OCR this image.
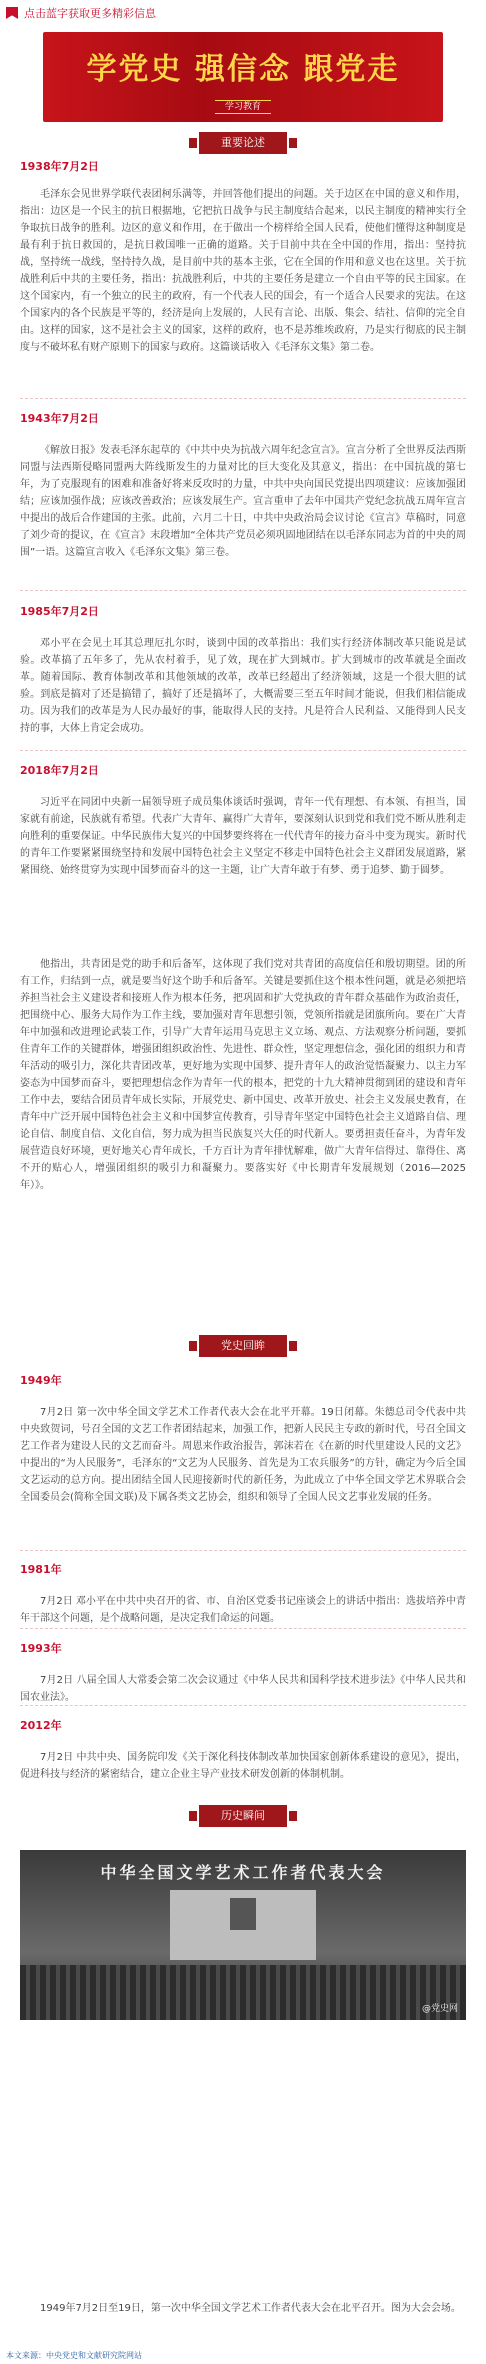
点击蓝字获取更多精彩信息
学党史 强信念 跟党走
学习教育
重要论述
1938年7月2日
毛泽东会见世界学联代表团柯乐满等，并回答他们提出的问题。关于边区在中国的意义和作用，指出：边区是一个民主的抗日根据地，它把抗日战争与民主制度结合起来，以民主制度的精神实行全争取抗日战争的胜利。边区的意义和作用，在于做出一个榜样给全国人民看，使他们懂得这种制度是最有利于抗日救国的，是抗日救国唯一正确的道路。关于目前中共在全中国的作用，指出：坚持抗战，坚持统一战线，坚持持久战，是目前中共的基本主张，它在全国的作用和意义也在这里。关于抗战胜利后中共的主要任务，指出：抗战胜利后，中共的主要任务是建立一个自由平等的民主国家。在这个国家内，有一个独立的民主的政府，有一个代表人民的国会，有一个适合人民要求的宪法。在这个国家内的各个民族是平等的，经济是向上发展的，人民有言论、出版、集会、结社、信仰的完全自由。这样的国家，这不是社会主义的国家，这样的政府，也不是苏维埃政府，乃是实行彻底的民主制度与不破坏私有财产原则下的国家与政府。这篇谈话收入《毛泽东文集》第二卷。
1943年7月2日
《解放日报》发表毛泽东起草的《中共中央为抗战六周年纪念宣言》。宣言分析了全世界反法西斯同盟与法西斯侵略同盟两大阵线斯发生的力量对比的巨大变化及其意义，指出：在中国抗战的第七年，为了克服现有的困难和准备好将来反攻时的力量，中共中央向国民党提出四项建议：应该加强团结；应该加强作战；应该改善政治；应该发展生产。宣言重申了去年中国共产党纪念抗战五周年宣言中提出的战后合作建国的主张。此前，六月二十日，中共中央政治局会议讨论《宣言》草稿时，同意了刘少奇的提议，在《宣言》末段增加“全体共产党员必须巩固地团结在以毛泽东同志为首的中央的周围”一语。这篇宣言收入《毛泽东文集》第三卷。
1985年7月2日
邓小平在会见土耳其总理厄扎尔时，谈到中国的改革指出：我们实行经济体制改革只能说是试验。改革搞了五年多了，先从农村着手，见了效，现在扩大到城市。扩大到城市的改革就是全面改革。随着国际、教育体制改革和其他领域的改革，改革已经超出了经济领域，这是一个很大胆的试验。到底是搞对了还是搞错了，搞好了还是搞坏了，大概需要三至五年时间才能说，但我们相信能成功。因为我们的改革是为人民办最好的事，能取得人民的支持。凡是符合人民利益、又能得到人民支持的事，大体上肯定会成功。
2018年7月2日
习近平在同团中央新一届领导班子成员集体谈话时强调，青年一代有理想、有本领、有担当，国家就有前途，民族就有希望。代表广大青年、赢得广大青年，要深刻认识到党和我们党不断从胜利走向胜利的重要保证。中华民族伟大复兴的中国梦要终将在一代代青年的接力奋斗中变为现实。新时代的青年工作要紧紧围绕坚持和发展中国特色社会主义坚定不移走中国特色社会主义群团发展道路，紧紧围绕、始终贯穿为实现中国梦而奋斗的这一主题，让广大青年敢于有梦、勇于追梦、勤于圆梦。
他指出，共青团是党的助手和后备军，这体现了我们党对共青团的高度信任和殷切期望。团的所有工作，归结到一点，就是要当好这个助手和后备军。关键是要抓住这个根本性问题，就是必须把培养担当社会主义建设者和接班人作为根本任务，把巩固和扩大党执政的青年群众基础作为政治责任，把围绕中心、服务大局作为工作主线，要加强对青年思想引领，党领所指就是团旗所向。要在广大青年中加强和改进理论武装工作，引导广大青年运用马克思主义立场、观点、方法观察分析问题，要抓住青年工作的关键群体，增强团组织政治性、先进性、群众性，坚定理想信念，强化团的组织力和青年活动的吸引力，深化共青团改革，更好地为实现中国梦、提升青年人的政治觉悟凝聚力、以主力军姿态为中国梦而奋斗，要把理想信念作为青年一代的根本，把党的十九大精神贯彻到团的建设和青年工作中去，要结合团员青年成长实际，开展党史、新中国史、改革开放史、社会主义发展史教育，在青年中广泛开展中国特色社会主义和中国梦宣传教育，引导青年坚定中国特色社会主义道路自信、理论自信、制度自信、文化自信，努力成为担当民族复兴大任的时代新人。要勇担责任奋斗，为青年发展营造良好环境，更好地关心青年成长，千方百计为青年排忧解难，做广大青年信得过、靠得住、离不开的贴心人，增强团组织的吸引力和凝聚力。要落实好《中长期青年发展规划（2016—2025年）》。
党史回眸
1949年
7月2日 第一次中华全国文学艺术工作者代表大会在北平开幕。19日闭幕。朱德总司令代表中共中央致贺词，号召全国的文艺工作者团结起来，加强工作，把新人民民主专政的新时代，号召全国文艺工作者为建设人民的文艺而奋斗。周恩来作政治报告，郭沫若在《在新的时代里建设人民的文艺》中提出的“为人民服务”，毛泽东的“文艺为人民服务、首先是为工农兵服务”的方针，确定为今后全国文艺运动的总方向。提出团结全国人民迎接新时代的新任务，为此成立了中华全国文学艺术界联合会全国委员会(简称全国文联)及下属各类文艺协会，组织和领导了全国人民文艺事业发展的任务。
1981年
7月2日 邓小平在中共中央召开的省、市、自治区党委书记座谈会上的讲话中指出：选拔培养中青年干部这个问题，是个战略问题，是决定我们命运的问题。
1993年
7月2日 八届全国人大常委会第二次会议通过《中华人民共和国科学技术进步法》《中华人民共和国农业法》。
2012年
7月2日 中共中央、国务院印发《关于深化科技体制改革加快国家创新体系建设的意见》，提出，促进科技与经济的紧密结合，建立企业主导产业技术研发创新的体制机制。
历史瞬间
中华全国文学艺术工作者代表大会
@党史网
1949年7月2日至19日，第一次中华全国文学艺术工作者代表大会在北平召开。图为大会会场。
本文来源：中央党史和文献研究院网站
